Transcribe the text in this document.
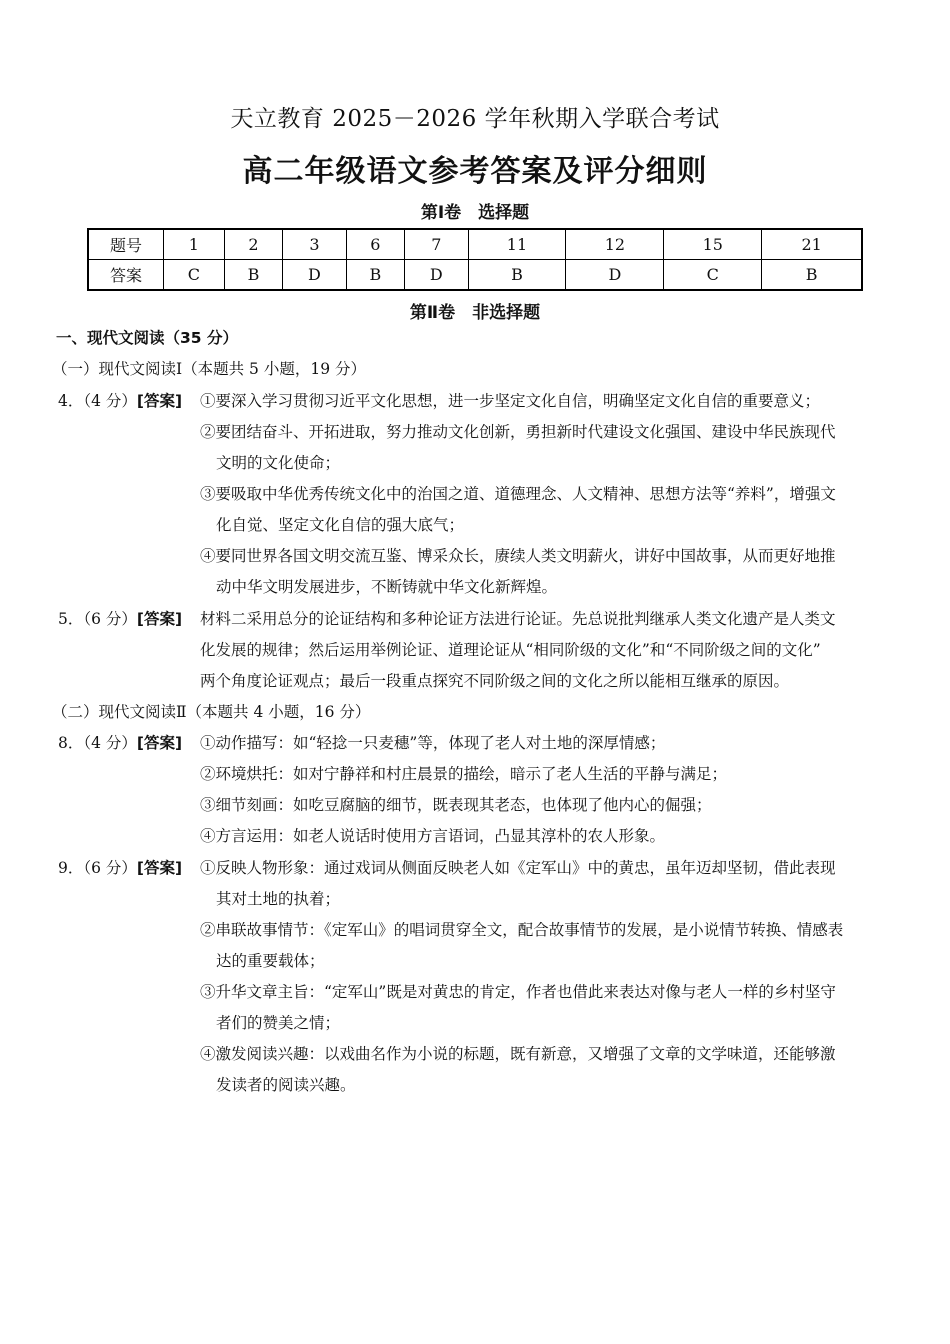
天立教育 2025－2026 学年秋期入学联合考试
高二年级语文参考答案及评分细则
第Ⅰ卷　选择题
题号	1	2	3	6	7	11	12	15	21
答案	C	B	D	B	D	B	D	C	B
第Ⅱ卷　非选择题
一、现代文阅读（35 分）
（一）现代文阅读Ⅰ（本题共 5 小题，19 分）
4．（4 分）[答案] ①要深入学习贯彻习近平文化思想，进一步坚定文化自信，明确坚定文化自信的重要意义；
②要团结奋斗、开拓进取，努力推动文化创新，勇担新时代建设文化强国、建设中华民族现代
文明的文化使命；
③要吸取中华优秀传统文化中的治国之道、道德理念、人文精神、思想方法等“养料”，增强文
化自觉、坚定文化自信的强大底气；
④要同世界各国文明交流互鉴、博采众长，赓续人类文明薪火，讲好中国故事，从而更好地推
动中华文明发展进步，不断铸就中华文化新辉煌。
5．（6 分）[答案] 材料二采用总分的论证结构和多种论证方法进行论证。先总说批判继承人类文化遗产是人类文
化发展的规律；然后运用举例论证、道理论证从“相同阶级的文化”和“不同阶级之间的文化”
两个角度论证观点；最后一段重点探究不同阶级之间的文化之所以能相互继承的原因。
（二）现代文阅读Ⅱ（本题共 4 小题，16 分）
8．（4 分）[答案] ①动作描写：如“轻捻一只麦穗”等，体现了老人对土地的深厚情感；
②环境烘托：如对宁静祥和村庄晨景的描绘，暗示了老人生活的平静与满足；
③细节刻画：如吃豆腐脑的细节，既表现其老态，也体现了他内心的倔强；
④方言运用：如老人说话时使用方言语词，凸显其淳朴的农人形象。
9．（6 分）[答案] ①反映人物形象：通过戏词从侧面反映老人如《定军山》中的黄忠，虽年迈却坚韧，借此表现
其对土地的执着；
②串联故事情节：《定军山》的唱词贯穿全文，配合故事情节的发展，是小说情节转换、情感表
达的重要载体；
③升华文章主旨：“定军山”既是对黄忠的肯定，作者也借此来表达对像与老人一样的乡村坚守
者们的赞美之情；
④激发阅读兴趣：以戏曲名作为小说的标题，既有新意，又增强了文章的文学味道，还能够激
发读者的阅读兴趣。
